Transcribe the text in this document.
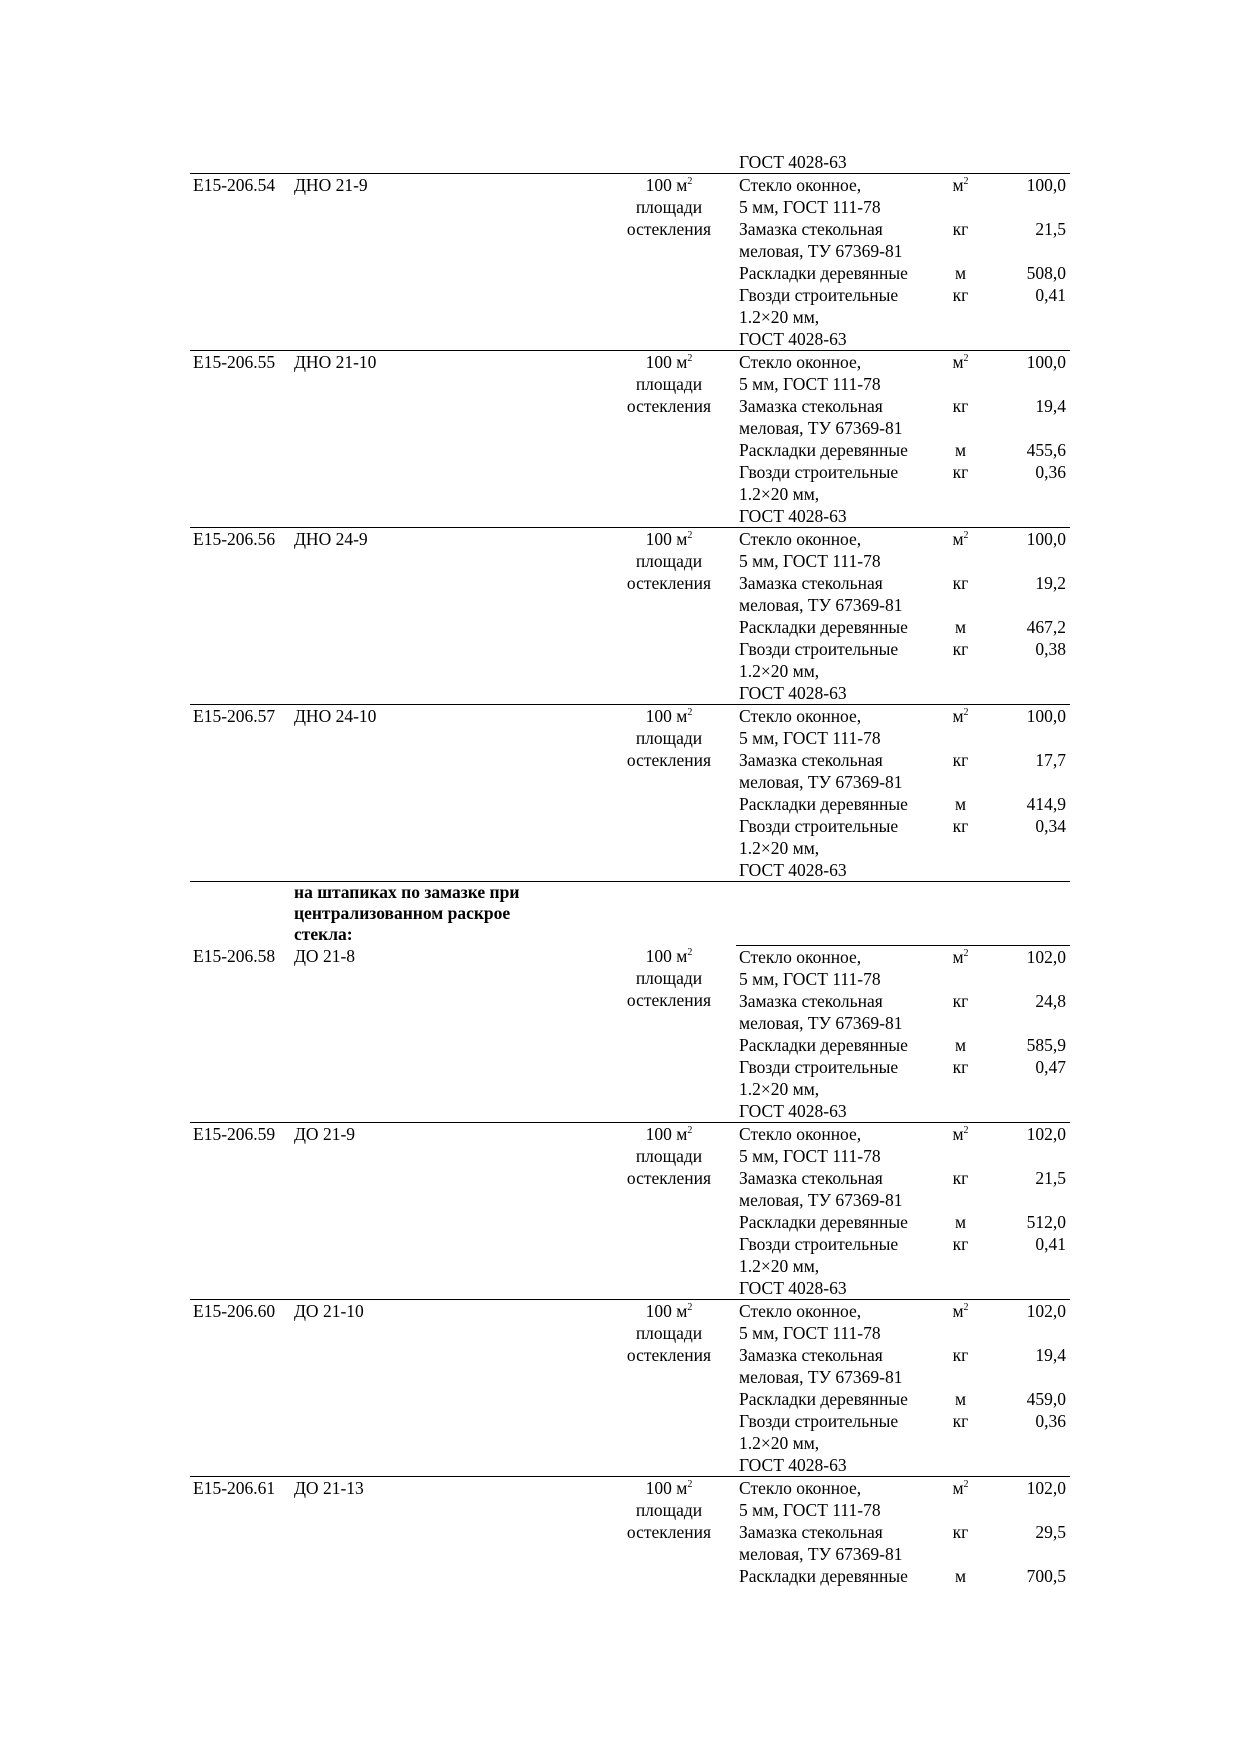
			ГОСТ 4028-63		
Е15-206.54	ДНО 21-9	100 $м^2$
площади
остекления	Стекло оконное,
5 мм, ГОСТ 111-78	$м^2$	100,0

			Замазка стекольная
меловая, ТУ 67369-81	кг	21,5

			Раскладки деревянные	м	508,0

			Гвозди строительные
1.2×20 мм,
ГОСТ 4028-63	кг	0,41
Е15-206.55	ДНО 21-10	100 $м^2$
площади
остекления	Стекло оконное,
5 мм, ГОСТ 111-78	$м^2$	100,0

			Замазка стекольная
меловая, ТУ 67369-81	кг	19,4

			Раскладки деревянные	м	455,6

			Гвозди строительные
1.2×20 мм,
ГОСТ 4028-63	кг	0,36
Е15-206.56	ДНО 24-9	100 $м^2$
площади
остекления	Стекло оконное,
5 мм, ГОСТ 111-78	$м^2$	100,0

			Замазка стекольная
меловая, ТУ 67369-81	кг	19,2

			Раскладки деревянные	м	467,2

			Гвозди строительные
1.2×20 мм,
ГОСТ 4028-63	кг	0,38
Е15-206.57	ДНО 24-10	100 $м^2$
площади
остекления	Стекло оконное,
5 мм, ГОСТ 111-78	$м^2$	100,0

			Замазка стекольная
меловая, ТУ 67369-81	кг	17,7

			Раскладки деревянные	м	414,9

			Гвозди строительные
1.2×20 мм,
ГОСТ 4028-63	кг	0,34

	на штапиках по замазке при
централизованном раскрое
стекла:				

Е15-206.58	ДО 21-8	100 $м^2$
площади
остекления	Стекло оконное,
5 мм, ГОСТ 111-78	$м^2$	102,0

			Замазка стекольная
меловая, ТУ 67369-81	кг	24,8

			Раскладки деревянные	м	585,9

			Гвозди строительные
1.2×20 мм,
ГОСТ 4028-63	кг	0,47
Е15-206.59	ДО 21-9	100 $м^2$
площади
остекления	Стекло оконное,
5 мм, ГОСТ 111-78	$м^2$	102,0

			Замазка стекольная
меловая, ТУ 67369-81	кг	21,5

			Раскладки деревянные	м	512,0

			Гвозди строительные
1.2×20 мм,
ГОСТ 4028-63	кг	0,41
Е15-206.60	ДО 21-10	100 $м^2$
площади
остекления	Стекло оконное,
5 мм, ГОСТ 111-78	$м^2$	102,0

			Замазка стекольная
меловая, ТУ 67369-81	кг	19,4

			Раскладки деревянные	м	459,0

			Гвозди строительные
1.2×20 мм,
ГОСТ 4028-63	кг	0,36
Е15-206.61	ДО 21-13	100 $м^2$
площади
остекления	Стекло оконное,
5 мм, ГОСТ 111-78	$м^2$	102,0

			Замазка стекольная
меловая, ТУ 67369-81	кг	29,5

			Раскладки деревянные	м	700,5
